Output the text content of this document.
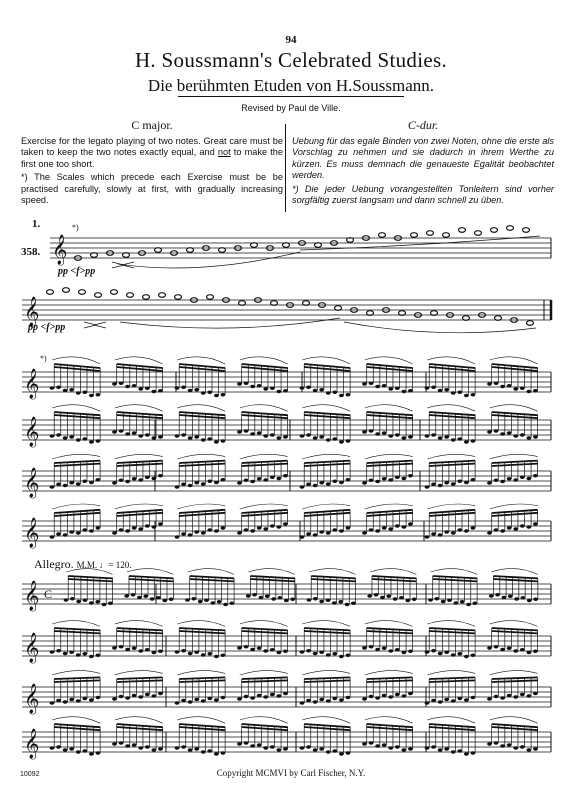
94
H. Soussmann's Celebrated Studies.
Die berühmten Etuden von H.Soussmann.
Revised by Paul de Ville.
C major.

Exercise for the legato playing of two notes. Great care must be taken to keep the two notes exactly equal, and not to make the first one too short.

*) The Scales which precede each Exercise must be be practised carefully, slowly at first, with gradually increasing speed.

C-dur.

Uebung für das egale Binden von zwei Noten, ohne die erste als Vorschlag zu nehmen und sie dadurch in ihrem Werthe zu kürzen. Es muss demnach die genaueste Egalität beobachtet werden.

*) Die jeder Uebung vorangestellten Tonleitern sind vorher sorgfältig zuerst langsam und dann schnell zu üben.

1.
358. 𝄞
𝄞
𝄞
𝄞
𝄞
𝄞
𝄞
𝄞
𝄞
𝄞
C
pp <f>pp
pp <f>pp
*)
*)
Allegro. M.M. ♩= 120.
10092	Copyright MCMVI by Carl Fischer, N.Y.
